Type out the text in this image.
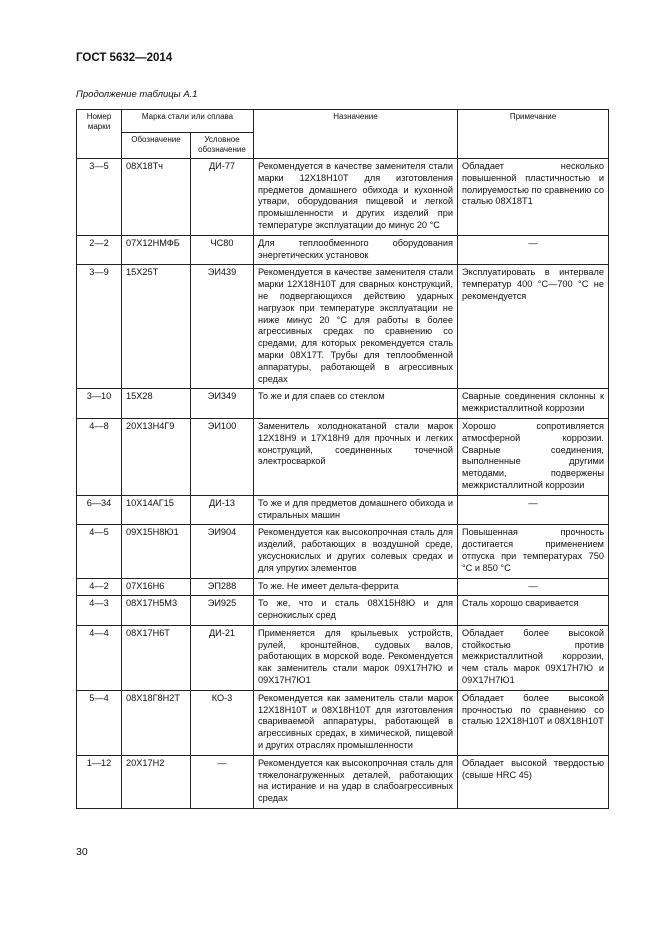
ГОСТ 5632—2014
Продолжение таблицы А.1
Номер марки	Марка стали или сплава		Назначение	Примечание
	Обозначение	Условное обозначение		
3—5	08Х18Тч	ДИ-77	Рекомендуется в качестве заменителя стали марки 12Х18Н10Т для изготовления предметов домашнего обихода и кухонной утвари, оборудования пищевой и легкой промышленности и других изделий при температуре эксплуатации до минус 20 °С	Обладает несколько повышенной пластичностью и полируемостью по сравнению со сталью 08Х18Т1
2—2	07Х12НМФБ	ЧС80	Для теплообменного оборудования энергетических установок	—
3—9	15Х25Т	ЭИ439	Рекомендуется в качестве заменителя стали марки 12Х18Н10Т для сварных конструкций, не подвергающихся действию ударных нагрузок при температуре эксплуатации не ниже минус 20 °С для работы в более агрессивных средах по сравнению со средами, для которых рекомендуется сталь марки 08Х17Т. Трубы для теплообменной аппаратуры, работающей в агрессивных средах	Эксплуатировать в интервале температур 400 °С—700 °С не рекомендуется
3—10	15Х28	ЭИ349	То же и для спаев со стеклом	Сварные соединения склонны к межкристаллитной коррозии
4—8	20Х13Н4Г9	ЭИ100	Заменитель холоднокатаной стали марок 12Х18Н9 и 17Х18Н9 для прочных и легких конструкций, соединенных точечной электросваркой	Хорошо сопротивляется атмосферной коррозии. Сварные соединения, выполненные другими методами, подвержены межкристаллитной коррозии
6—34	10Х14АГ15	ДИ-13	То же и для предметов домашнего обихода и стиральных машин	—
4—5	09Х15Н8Ю1	ЭИ904	Рекомендуется как высокопрочная сталь для изделий, работающих в воздушной среде, уксуснокислых и других солевых средах и для упругих элементов	Повышенная прочность достигается применением отпуска при температурах 750 °С и 850 °С
4—2	07Х16Н6	ЭП288	То же. Не имеет дельта-феррита	—
4—3	08Х17Н5М3	ЭИ925	То же, что и сталь 08Х15Н8Ю и для сернокислых сред	Сталь хорошо сваривается
4—4	08Х17Н6Т	ДИ-21	Применяется для крыльевых устройств, рулей, кронштейнов, судовых валов, работающих в морской воде. Рекомендуется как заменитель стали марок 09Х17Н7Ю и 09Х17Н7Ю1	Обладает более высокой стойкостью против межкристаллитной коррозии, чем сталь марок 09Х17Н7Ю и 09Х17Н7Ю1
5—4	08Х18Г8Н2Т	КО-3	Рекомендуется как заменитель стали марок 12Х18Н10Т и 08Х18Н10Т для изготовления свариваемой аппаратуры, работающей в агрессивных средах, в химической, пищевой и других отраслях промышленности	Обладает более высокой прочностью по сравнению со сталью 12Х18Н10Т и 08Х18Н10Т
1—12	20Х17Н2	—	Рекомендуется как высокопрочная сталь для тяжелонагруженных деталей, работающих на истирание и на удар в слабоагрессивных средах	Обладает высокой твердостью (свыше HRC 45)
30
